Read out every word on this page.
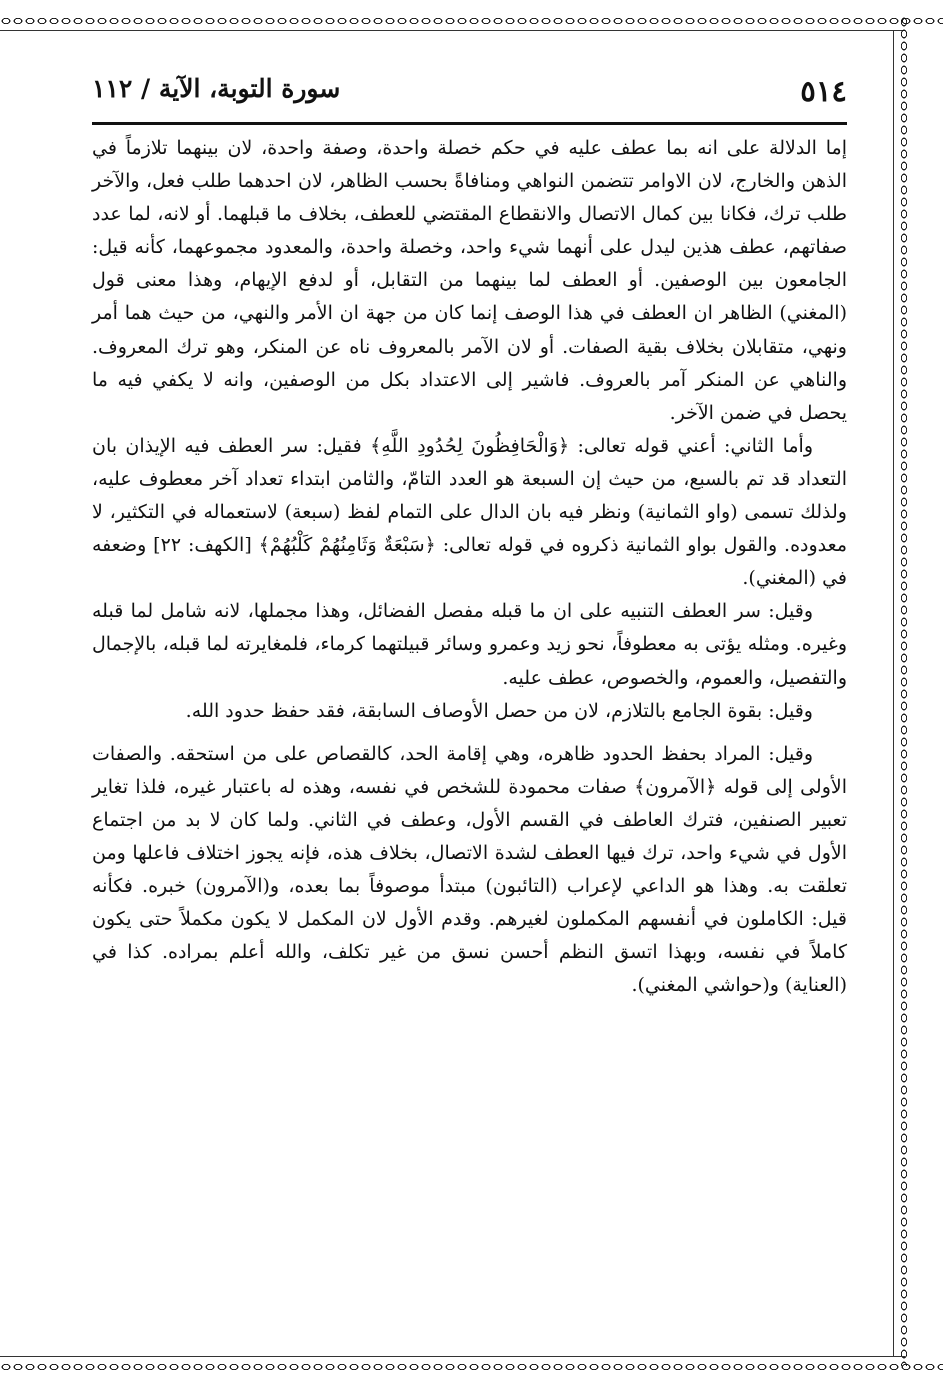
٥١٤
سورة التوبة، الآية / ١١٢

إما الدلالة على انه بما عطف عليه في حكم خصلة واحدة، وصفة واحدة، لان بينهما تلازماً في الذهن والخارج، لان الاوامر تتضمن النواهي ومنافاةً بحسب الظاهر، لان احدهما طلب فعل، والآخر طلب ترك، فكانا بين كمال الاتصال والانقطاع المقتضي للعطف، بخلاف ما قبلهما. أو لانه، لما عدد صفاتهم، عطف هذين ليدل على أنهما شيء واحد، وخصلة واحدة، والمعدود مجموعهما، كأنه قيل: الجامعون بين الوصفين. أو العطف لما بينهما من التقابل، أو لدفع الإيهام، وهذا معنى قول (المغني) الظاهر ان العطف في هذا الوصف إنما كان من جهة ان الأمر والنهي، من حيث هما أمر ونهي، متقابلان بخلاف بقية الصفات. أو لان الآمر بالمعروف ناه عن المنكر، وهو ترك المعروف. والناهي عن المنكر آمر بالعروف. فاشير إلى الاعتداد بكل من الوصفين، وانه لا يكفي فيه ما يحصل في ضمن الآخر.

وأما الثاني: أعني قوله تعالى: ﴿وَالْحَافِظُونَ لِحُدُودِ اللَّهِ﴾ فقيل: سر العطف فيه الإيذان بان التعداد قد تم بالسبع، من حيث إن السبعة هو العدد التامّ، والثامن ابتداء تعداد آخر معطوف عليه، ولذلك تسمى (واو الثمانية) ونظر فيه بان الدال على التمام لفظ (سبعة) لاستعماله في التكثير، لا معدوده. والقول بواو الثمانية ذكروه في قوله تعالى: ﴿سَبْعَةٌ وَثَامِنُهُمْ كَلْبُهُمْ﴾ [الكهف: ٢٢] وضعفه في (المغني).

وقيل: سر العطف التنبيه على ان ما قبله مفصل الفضائل، وهذا مجملها، لانه شامل لما قبله وغيره. ومثله يؤتى به معطوفاً، نحو زيد وعمرو وسائر قبيلتهما كرماء، فلمغايرته لما قبله، بالإجمال والتفصيل، والعموم، والخصوص، عطف عليه.

وقيل: بقوة الجامع بالتلازم، لان من حصل الأوصاف السابقة، فقد حفظ حدود الله.

وقيل: المراد بحفظ الحدود ظاهره، وهي إقامة الحد، كالقصاص على من استحقه. والصفات الأولى إلى قوله ﴿الآمرون﴾ صفات محمودة للشخص في نفسه، وهذه له باعتبار غيره، فلذا تغاير تعبير الصنفين، فترك العاطف في القسم الأول، وعطف في الثاني. ولما كان لا بد من اجتماع الأول في شيء واحد، ترك فيها العطف لشدة الاتصال، بخلاف هذه، فإنه يجوز اختلاف فاعلها ومن تعلقت به. وهذا هو الداعي لإعراب (التائبون) مبتدأ موصوفاً بما بعده، و(الآمرون) خبره. فكأنه قيل: الكاملون في أنفسهم المكملون لغيرهم. وقدم الأول لان المكمل لا يكون مكملاً حتى يكون كاملاً في نفسه، وبهذا اتسق النظم أحسن نسق من غير تكلف، والله أعلم بمراده. كذا في (العناية) و(حواشي المغني).
